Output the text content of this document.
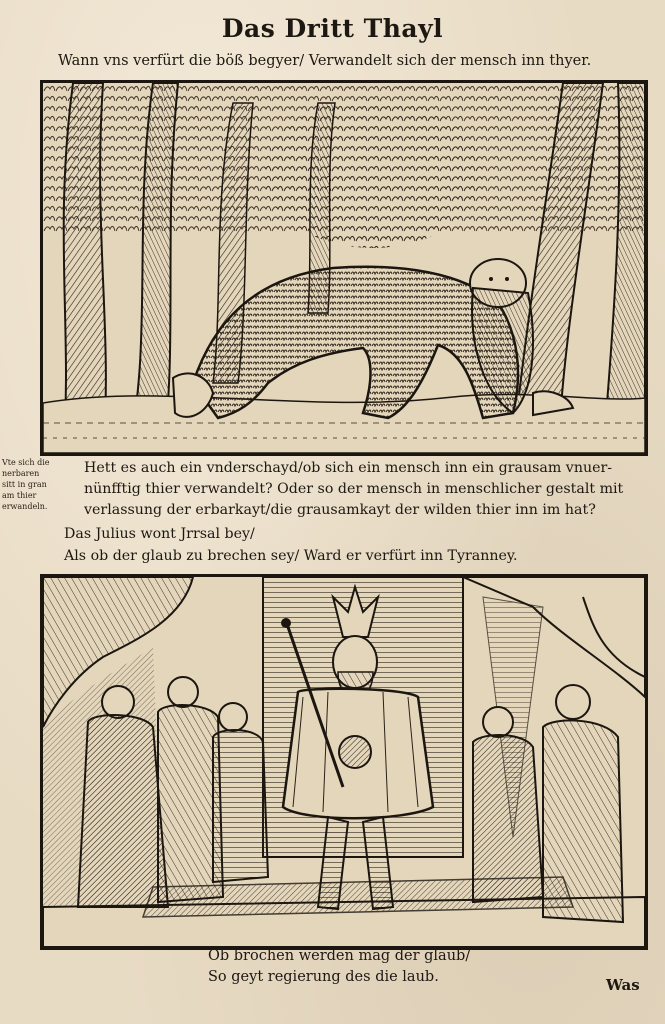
Das Dritt Thayl
Wann vns verfürt die böß begyer/ Verwandelt sich der mensch inn thyer.
Vte sich die
nerbaren
sitt in gran
am thier
erwandeln.
Hett es auch ein vnderschayd/ob sich ein mensch inn ein grausam vnuer-
nünfftig thier verwandelt? Oder so der mensch in menschlicher gestalt mit
verlassung der erbarkayt/die grausamkayt der wilden thier inn im hat?
Das Julius wont Jrrsal bey/
Als ob der glaub zu brechen sey/ Ward er verfürt inn Tyranney.
Ob brochen werden mag der glaub/
So geyt regierung des die laub.	Was
